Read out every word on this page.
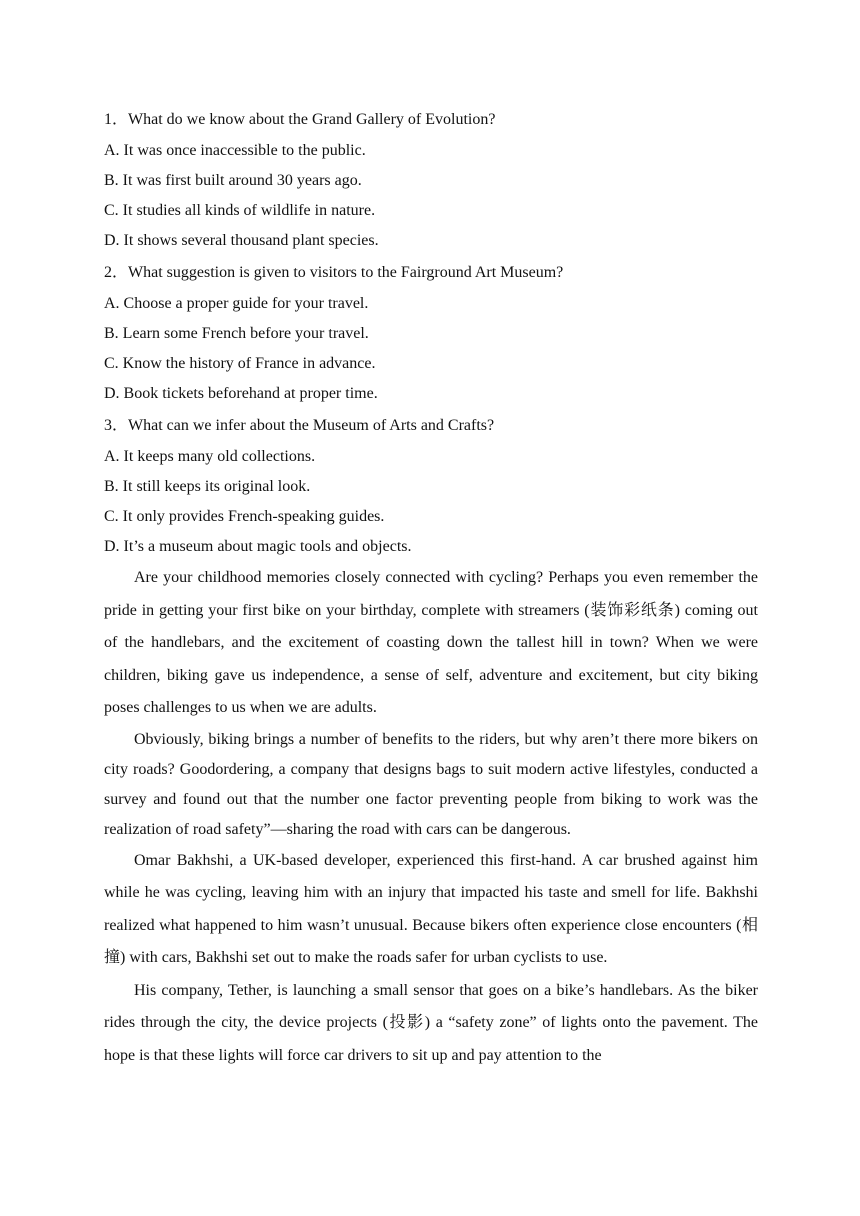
1．What do we know about the Grand Gallery of Evolution?
A. It was once inaccessible to the public.
B. It was first built around 30 years ago.
C. It studies all kinds of wildlife in nature.
D. It shows several thousand plant species.
2．What suggestion is given to visitors to the Fairground Art Museum?
A. Choose a proper guide for your travel.
B. Learn some French before your travel.
C. Know the history of France in advance.
D. Book tickets beforehand at proper time.
3．What can we infer about the Museum of Arts and Crafts?
A. It keeps many old collections.
B. It still keeps its original look.
C. It only provides French-speaking guides.
D. It’s a museum about magic tools and objects.

Are your childhood memories closely connected with cycling? Perhaps you even remember the pride in getting your first bike on your birthday, complete with streamers (装饰彩纸条) coming out of the handlebars, and the excitement of coasting down the tallest hill in town? When we were children, biking gave us independence, a sense of self, adventure and excitement, but city biking poses challenges to us when we are adults.

Obviously, biking brings a number of benefits to the riders, but why aren’t there more bikers on city roads? Goodordering, a company that designs bags to suit modern active lifestyles, conducted a survey and found out that the number one factor preventing people from biking to work was the realization of road safety”—sharing the road with cars can be dangerous.

Omar Bakhshi, a UK-based developer, experienced this first-hand. A car brushed against him while he was cycling, leaving him with an injury that impacted his taste and smell for life. Bakhshi realized what happened to him wasn’t unusual. Because bikers often experience close encounters (相撞) with cars, Bakhshi set out to make the roads safer for urban cyclists to use.

His company, Tether, is launching a small sensor that goes on a bike’s handlebars. As the biker rides through the city, the device projects (投影) a “safety zone” of lights onto the pavement. The hope is that these lights will force car drivers to sit up and pay attention to the
